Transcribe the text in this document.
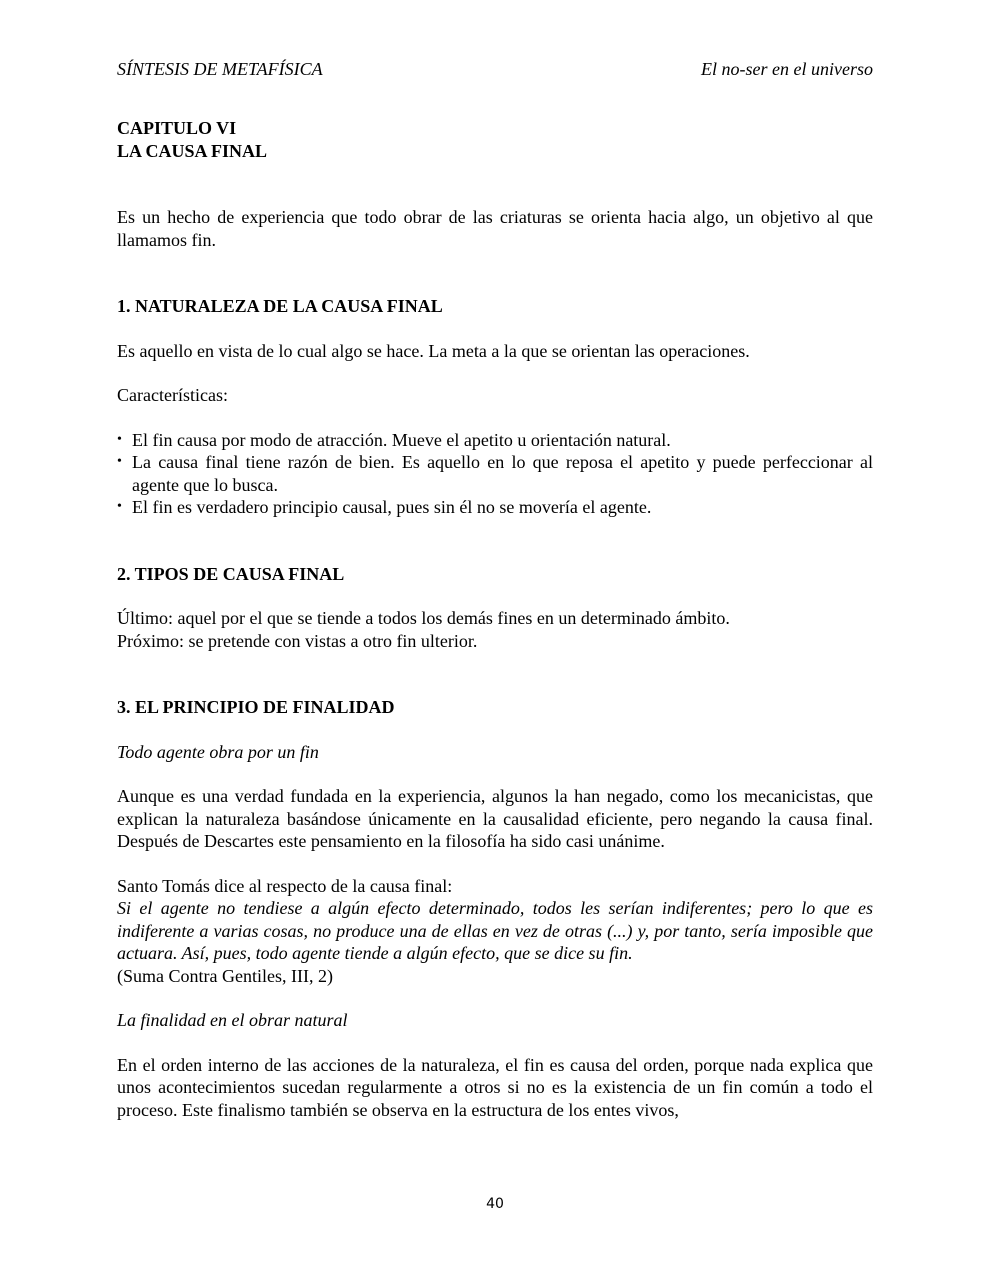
SÍNTESIS DE METAFÍSICA	El no-ser en el universo
CAPITULO VI
LA CAUSA FINAL

Es un hecho de experiencia que todo obrar de las criaturas se orienta hacia algo, un objetivo al que llamamos fin.

1. NATURALEZA DE LA CAUSA FINAL

Es aquello en vista de lo cual algo se hace. La meta a la que se orientan las operaciones.

Características:

• El fin causa por modo de atracción. Mueve el apetito u orientación natural.
• La causa final tiene razón de bien. Es aquello en lo que reposa el apetito y puede perfeccionar al agente que lo busca.
• El fin es verdadero principio causal, pues sin él no se movería el agente.
2. TIPOS DE CAUSA FINAL

Último: aquel por el que se tiende a todos los demás fines en un determinado ámbito.

Próximo: se pretende con vistas a otro fin ulterior.

3. EL PRINCIPIO DE FINALIDAD

Todo agente obra por un fin

Aunque es una verdad fundada en la experiencia, algunos la han negado, como los mecanicistas, que explican la naturaleza basándose únicamente en la causalidad eficiente, pero negando la causa final. Después de Descartes este pensamiento en la filosofía ha sido casi unánime.

Santo Tomás dice al respecto de la causa final:

Si el agente no tendiese a algún efecto determinado, todos les serían indiferentes; pero lo que es indiferente a varias cosas, no produce una de ellas en vez de otras (...) y, por tanto, sería imposible que actuara. Así, pues, todo agente tiende a algún efecto, que se dice su fin.

(Suma Contra Gentiles, III, 2)

La finalidad en el obrar natural

En el orden interno de las acciones de la naturaleza, el fin es causa del orden, porque nada explica que unos acontecimientos sucedan regularmente a otros si no es la existencia de un fin común a todo el proceso. Este finalismo también se observa en la estructura de los entes vivos,

40
